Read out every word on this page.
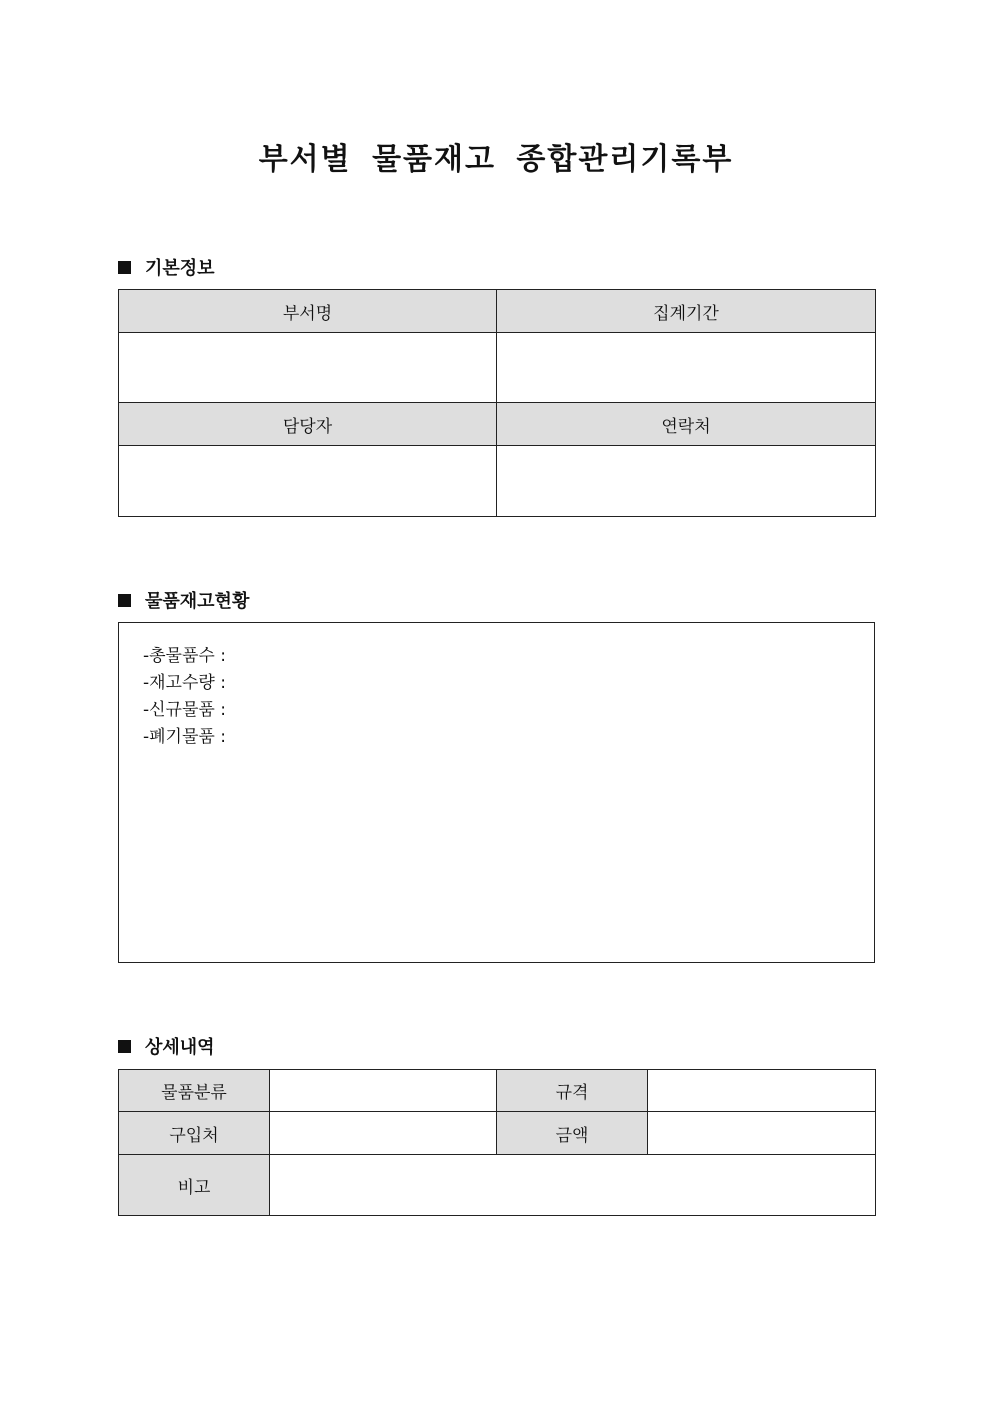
부서별 물품재고 종합관리기록부
기본정보
부서명	집계기간

담당자	연락처

물품재고현황
-총물품수 :
-재고수량 :
-신규물품 :
-폐기물품 :
상세내역
물품분류		규격	
구입처		금액	
비고			
